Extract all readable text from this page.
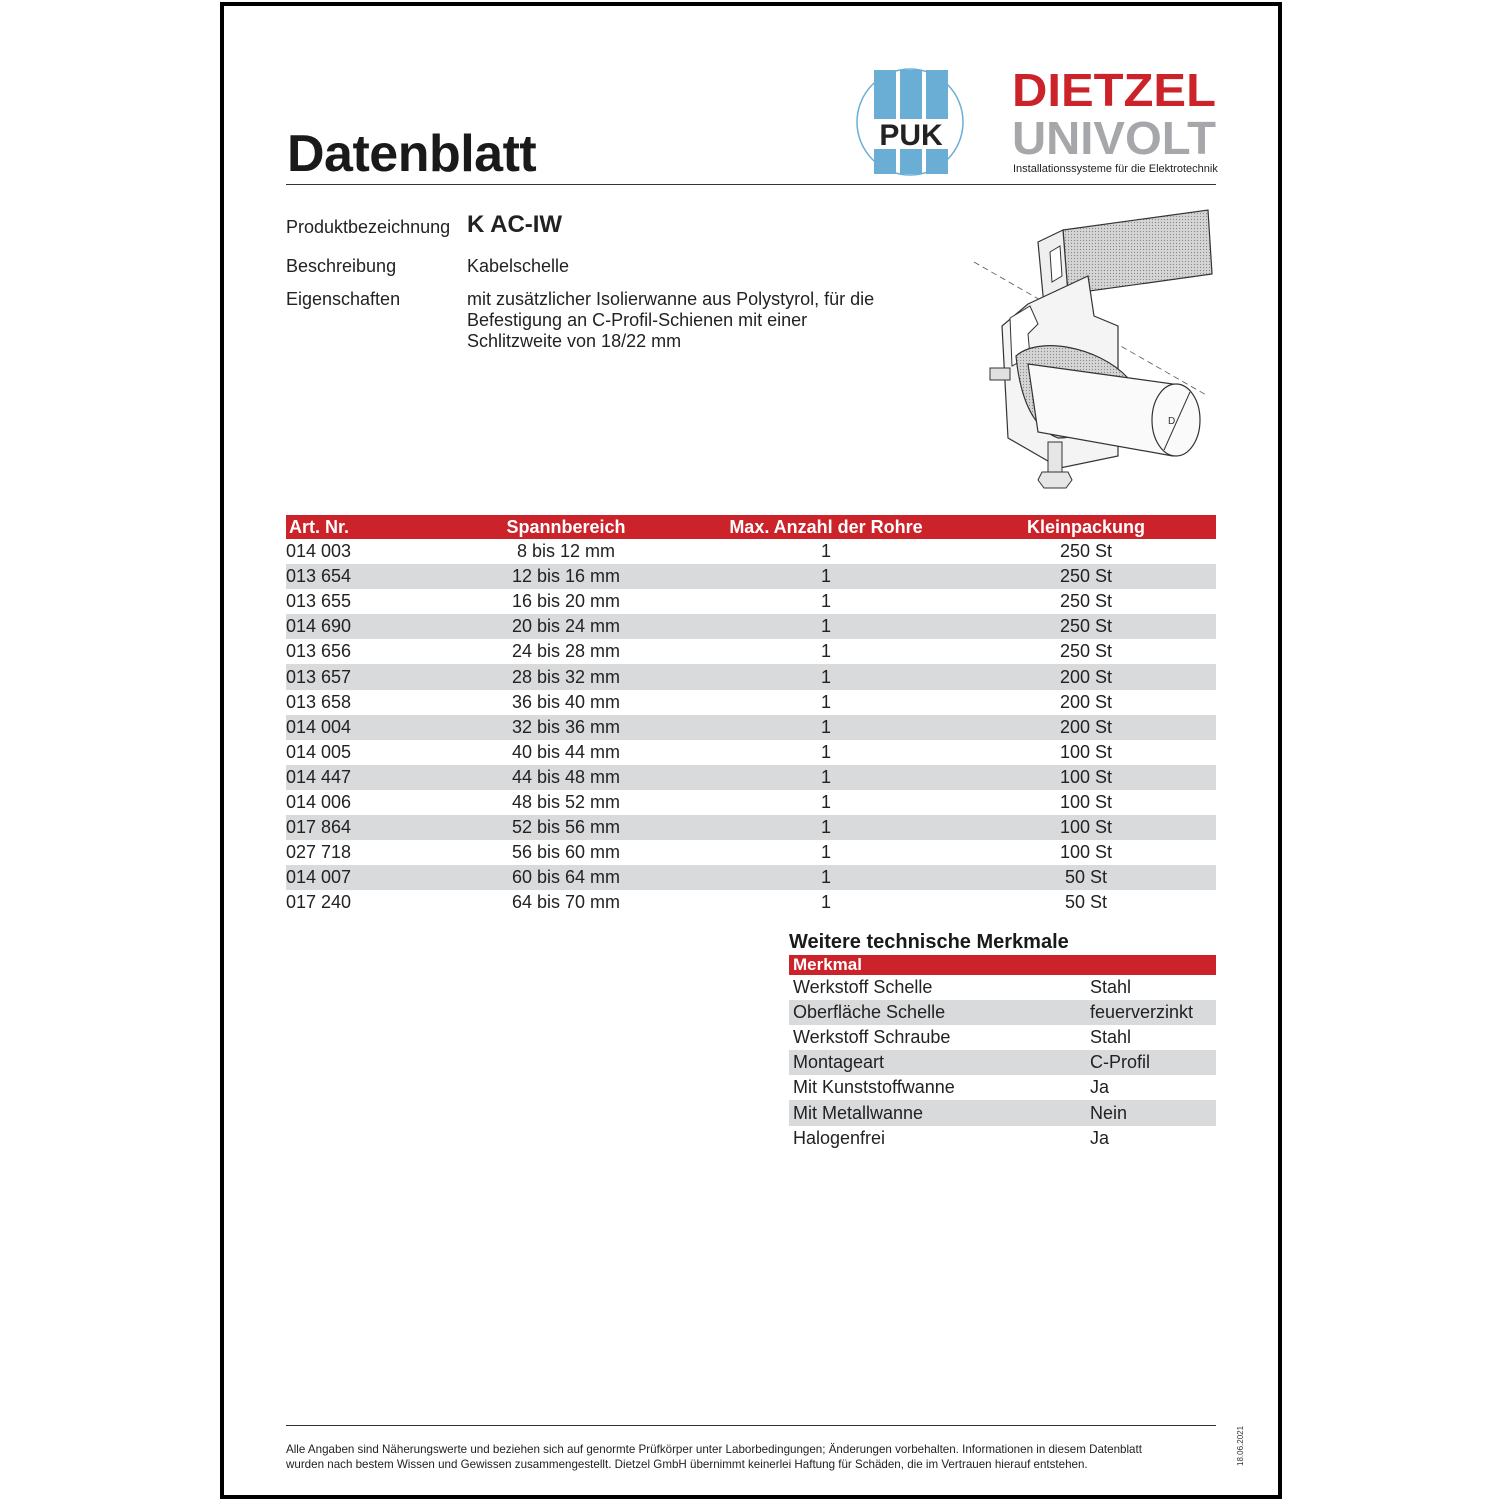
Datenblatt	PUK
DIETZEL
UNIVOLT
Installationssysteme für die Elektrotechnik
Produktbezeichnung K AC-IW
Beschreibung	Kabelschelle
Eigenschaften	mit zusätzlicher Isolierwanne aus Polystyrol, für die
Befestigung an C-Profil-Schienen mit einer
Schlitzweite von 18/22 mm
D
Art. Nr.	Spannbereich	Max. Anzahl der Rohre	Kleinpackung
014 003	8 bis 12 mm	1	250 St
013 654	12 bis 16 mm	1	250 St
013 655	16 bis 20 mm	1	250 St
014 690	20 bis 24 mm	1	250 St
013 656	24 bis 28 mm	1	250 St
013 657	28 bis 32 mm	1	200 St
013 658	36 bis 40 mm	1	200 St
014 004	32 bis 36 mm	1	200 St
014 005	40 bis 44 mm	1	100 St
014 447	44 bis 48 mm	1	100 St
014 006	48 bis 52 mm	1	100 St
017 864	52 bis 56 mm	1	100 St
027 718	56 bis 60 mm	1	100 St
014 007	60 bis 64 mm	1	50 St
017 240	64 bis 70 mm	1	50 St
Weitere technische Merkmale
Merkmal	
Werkstoff Schelle	Stahl
Oberfläche Schelle	feuerverzinkt
Werkstoff Schraube	Stahl
Montageart	C-Profil
Mit Kunststoffwanne	Ja
Mit Metallwanne	Nein
Halogenfrei	Ja
Alle Angaben sind Näherungswerte und beziehen sich auf genormte Prüfkörper unter Laborbedingungen; Änderungen vorbehalten. Informationen in diesem Datenblatt
wurden nach bestem Wissen und Gewissen zusammengestellt. Dietzel GmbH übernimmt keinerlei Haftung für Schäden, die im Vertrauen hierauf entstehen.	18.06.2021
